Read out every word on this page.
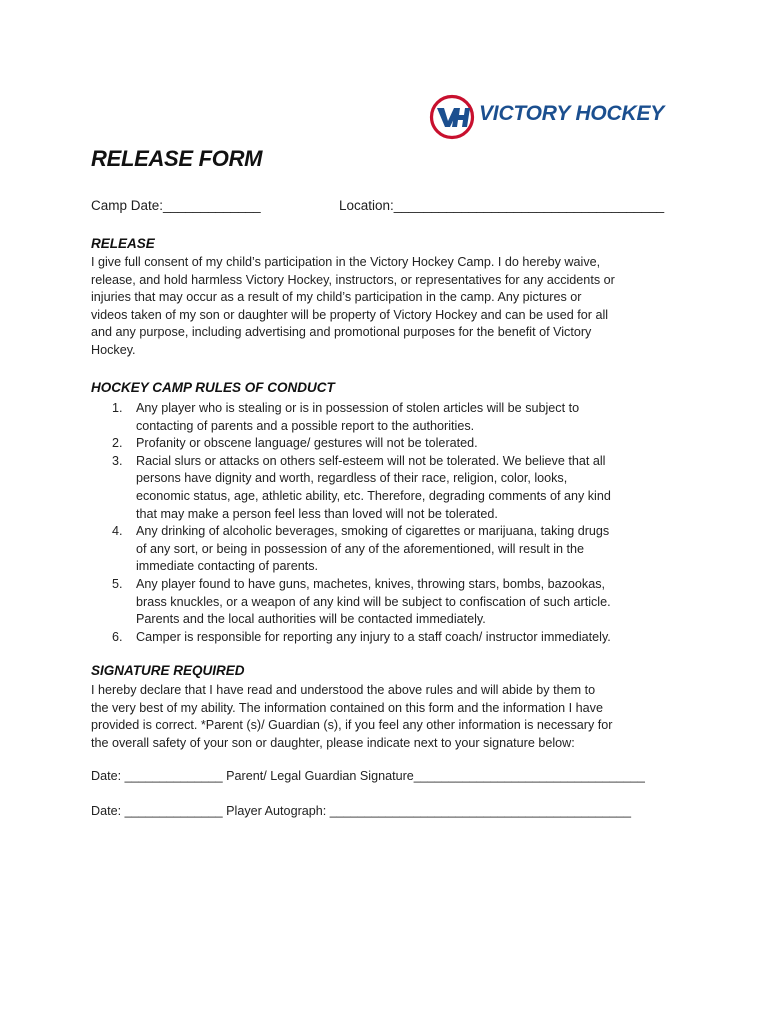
VICTORY HOCKEY
RELEASE FORM
Camp Date:_____________	Location:____________________________________
RELEASE
I give full consent of my child’s participation in the Victory Hockey Camp. I do hereby waive,
release, and hold harmless Victory Hockey, instructors, or representatives for any accidents or
injuries that may occur as a result of my child’s participation in the camp. Any pictures or
videos taken of my son or daughter will be property of Victory Hockey and can be used for all
and any purpose, including advertising and promotional purposes for the benefit of Victory
Hockey.
HOCKEY CAMP RULES OF CONDUCT
1.	Any player who is stealing or is in possession of stolen articles will be subject to
contacting of parents and a possible report to the authorities.
2.	Profanity or obscene language/ gestures will not be tolerated.
3.	Racial slurs or attacks on others self-esteem will not be tolerated. We believe that all
persons have dignity and worth, regardless of their race, religion, color, looks,
economic status, age, athletic ability, etc. Therefore, degrading comments of any kind
that may make a person feel less than loved will not be tolerated.
4.	Any drinking of alcoholic beverages, smoking of cigarettes or marijuana, taking drugs
of any sort, or being in possession of any of the aforementioned, will result in the
immediate contacting of parents.
5.	Any player found to have guns, machetes, knives, throwing stars, bombs, bazookas,
brass knuckles, or a weapon of any kind will be subject to confiscation of such article.
Parents and the local authorities will be contacted immediately.
6.	Camper is responsible for reporting any injury to a staff coach/ instructor immediately.
SIGNATURE REQUIRED
I hereby declare that I have read and understood the above rules and will abide by them to
the very best of my ability. The information contained on this form and the information I have
provided is correct. *Parent (s)/ Guardian (s), if you feel any other information is necessary for
the overall safety of your son or daughter, please indicate next to your signature below:
Date: ______________ Parent/ Legal Guardian Signature_________________________________
Date: ______________ Player Autograph: ___________________________________________
